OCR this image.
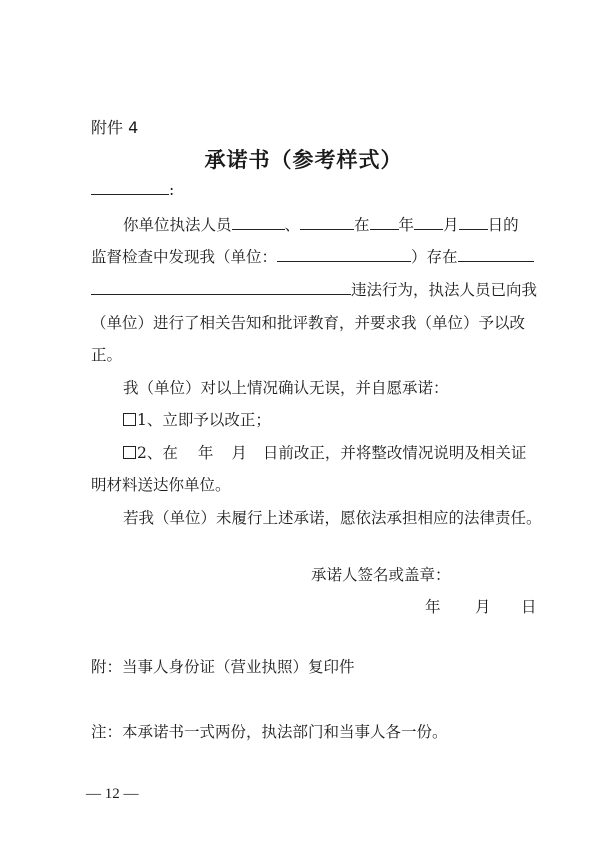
附件 4
承诺书（参考样式）
:
你单位执法人员	、	在 年 月 日的
监督检查中发现我（单位：	）存在
违法行为，执法人员已向我
（单位）进行了相关告知和批评教育，并要求我（单位）予以改
正。
我（单位）对以上情况确认无误，并自愿承诺：
1、立即予以改正；
2、在 年 月 日前改正，并将整改情况说明及相关证
明材料送达你单位。
若我（单位）未履行上述承诺，愿依法承担相应的法律责任。
承诺人签名或盖章：
年 月 日
附：当事人身份证（营业执照）复印件
注：本承诺书一式两份，执法部门和当事人各一份。
— 12 —
